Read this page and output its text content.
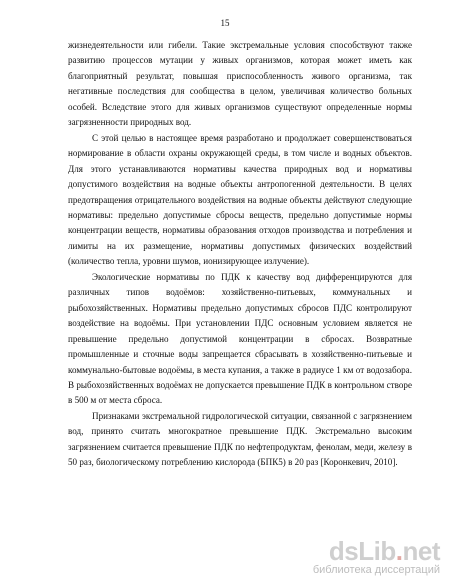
15

жизнедеятельности или гибели. Такие экстремальные условия способствуют также развитию процессов мутации у живых организмов, которая может иметь как благоприятный результат, повышая приспособленность живого организма, так негативные последствия для сообщества в целом, увеличивая количество больных особей. Вследствие этого для живых организмов существуют определенные нормы загрязненности природных вод.

С этой целью в настоящее время разработано и продолжает совершенствоваться нормирование в области охраны окружающей среды, в том числе и водных объектов. Для этого устанавливаются нормативы качества природных вод и нормативы допустимого воздействия на водные объекты антропогенной деятельности. В целях предотвращения отрицательного воздействия на водные объекты действуют следующие нормативы: предельно допустимые сбросы веществ, предельно допустимые нормы концентрации веществ, нормативы образования отходов производства и потребления и лимиты на их размещение, нормативы допустимых физических воздействий (количество тепла, уровни шумов, ионизирующее излучение).

Экологические нормативы по ПДК к качеству вод дифференцируются для различных типов водоёмов: хозяйственно-питьевых, коммунальных и рыбохозяйственных. Нормативы предельно допустимых сбросов ПДС контролируют воздействие на водоёмы. При установлении ПДС основным условием является не превышение предельно допустимой концентрации в сбросах. Возвратные промышленные и сточные воды запрещается сбрасывать в хозяйственно-питьевые и коммунально-бытовые водоёмы, в места купания, а также в радиусе 1 км от водозабора. В рыбохозяйственных водоёмах не допускается превышение ПДК в контрольном створе в 500 м от места сброса.

Признаками экстремальной гидрологической ситуации, связанной с загрязнением вод, принято считать многократное превышение ПДК. Экстремально высоким загрязнением считается превышение ПДК по нефтепродуктам, фенолам, меди, железу в 50 раз, биологическому потреблению кислорода (БПК5) в 20 раз [Коронкевич, 2010].

dsLib.net
библиотека диссертаций
